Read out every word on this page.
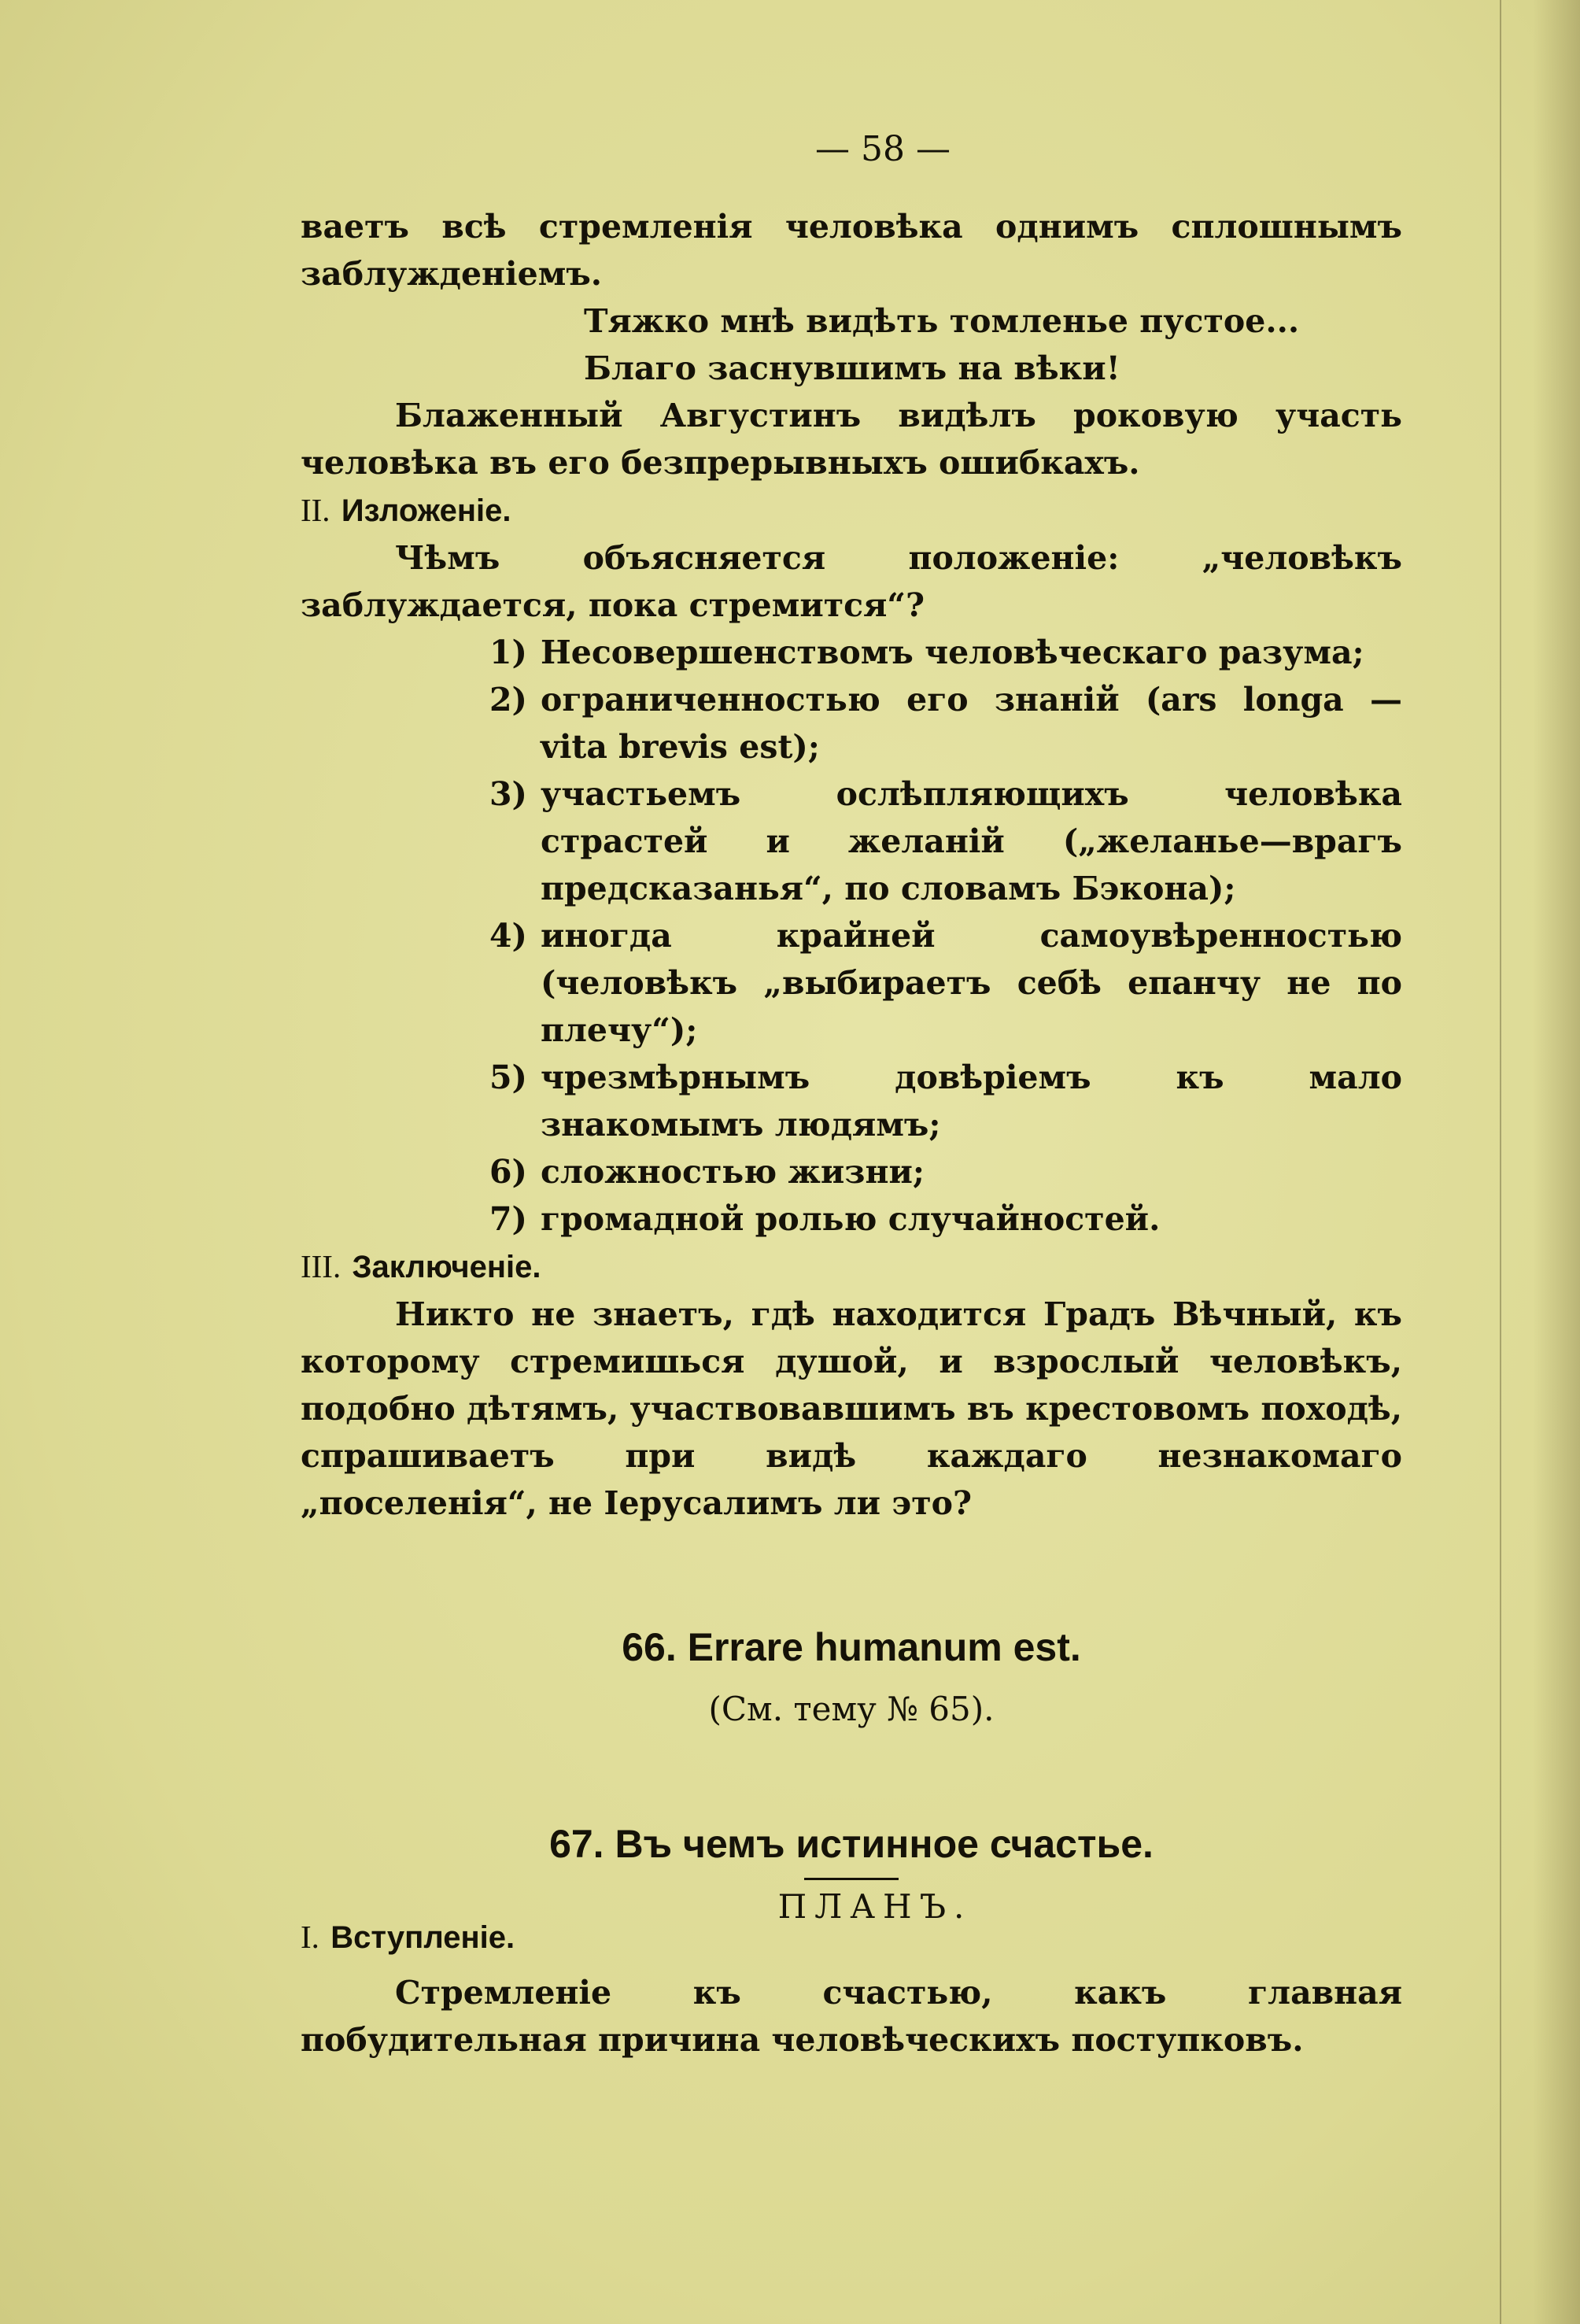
— 58 —

ваетъ всѣ стремленія человѣка однимъ сплошнымъ заблужденіемъ.

Тяжко мнѣ видѣть томленье пустое...

Благо заснувшимъ на вѣки!

Блаженный Августинъ видѣлъ роковую участь человѣка въ его безпрерывныхъ ошибкахъ.

II. Изложеніе.

Чѣмъ объясняется положеніе: „человѣкъ заблуждается, пока стремится“?

1) Несовершенствомъ человѣческаго разума;
2) ограниченностью его знаній (ars longa — vita brevis est);
3) участьемъ ослѣпляющихъ человѣка страстей и желаній („желанье—врагъ предсказанья“, по словамъ Бэкона);
4) иногда крайней самоувѣренностью (человѣкъ „выбираетъ себѣ епанчу не по плечу“);
5) чрезмѣрнымъ довѣріемъ къ мало знакомымъ людямъ;
6) сложностью жизни;
7) громадной ролью случайностей.

III. Заключеніе.

Никто не знаетъ, гдѣ находится Градъ Вѣчный, къ которому стремишься душой, и взрослый человѣкъ, подобно дѣтямъ, участвовавшимъ въ крестовомъ походѣ, спрашиваетъ при видѣ каждаго незнакомаго „поселенія“, не Іерусалимъ ли это?

66. Errare humanum est.

(См. тему № 65).

67. Въ чемъ истинное счастье.

ПЛАНЪ.

I. Вступленіе.

Стремленіе къ счастью, какъ главная побудительная причина человѣческихъ поступковъ.
